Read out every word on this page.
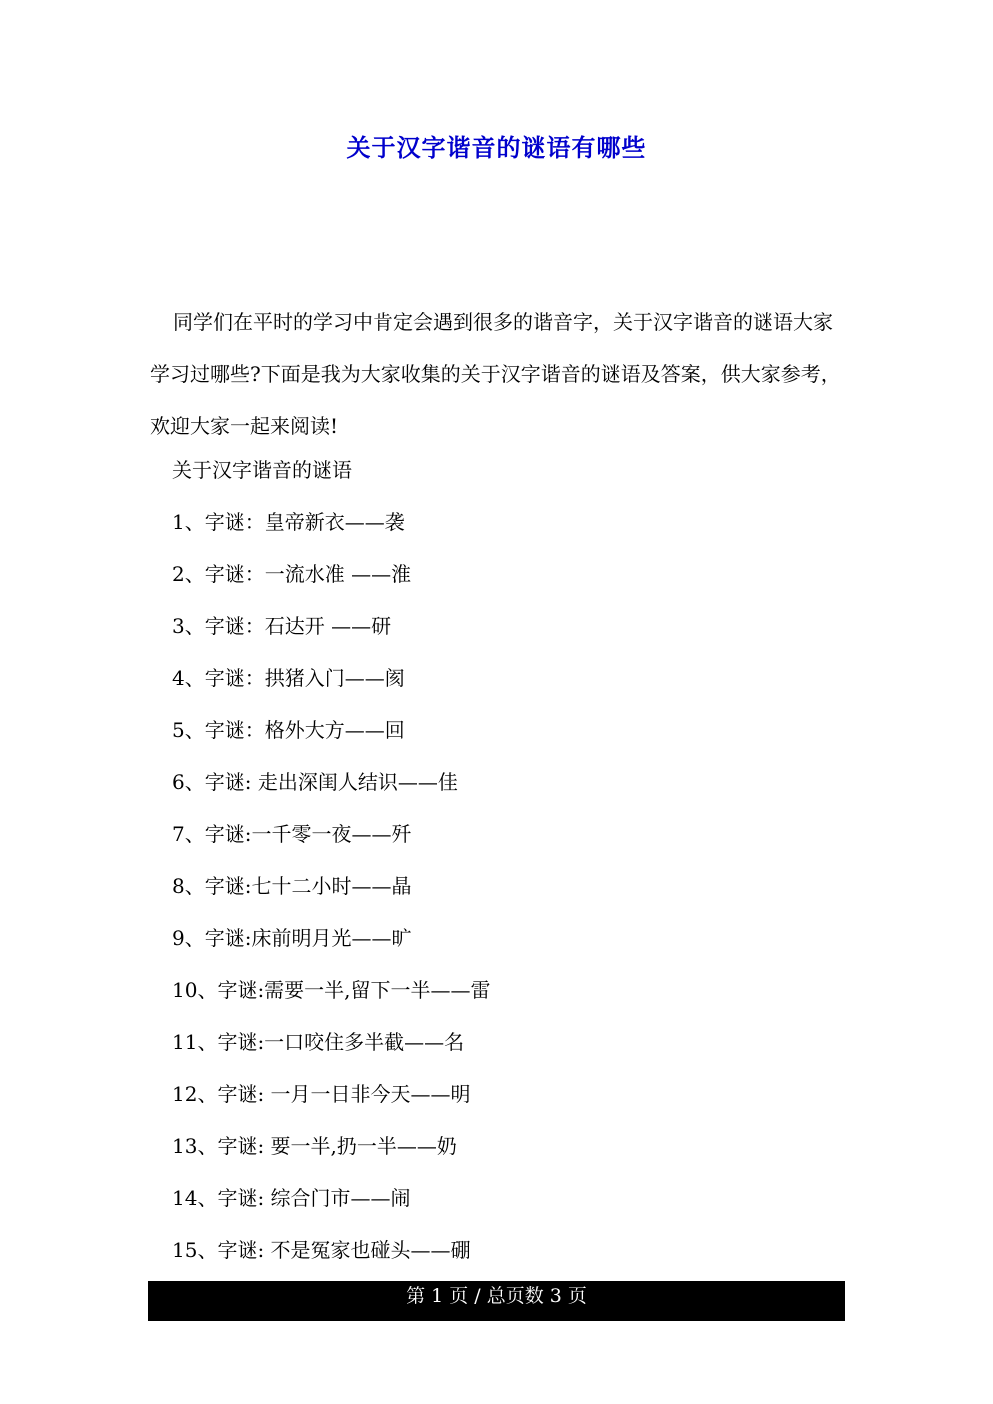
关于汉字谐音的谜语有哪些

同学们在平时的学习中肯定会遇到很多的谐音字，关于汉字谐音的谜语大家学习过哪些?下面是我为大家收集的关于汉字谐音的谜语及答案，供大家参考，欢迎大家一起来阅读!

关于汉字谐音的谜语
1、字谜：皇帝新衣——袭
2、字谜：一流水准 ——淮
3、字谜：石达开 ——研
4、字谜：拱猪入门——阂
5、字谜：格外大方——回
6、字谜: 走出深闺人结识——佳
7、字谜:一千零一夜——歼
8、字谜:七十二小时——晶
9、字谜:床前明月光——旷
10、字谜:需要一半,留下一半——雷
11、字谜:一口咬住多半截——名
12、字谜: 一月一日非今天——明
13、字谜: 要一半,扔一半——奶
14、字谜: 综合门市——闹
15、字谜: 不是冤家也碰头——硼
第 1 页 / 总页数 3 页
